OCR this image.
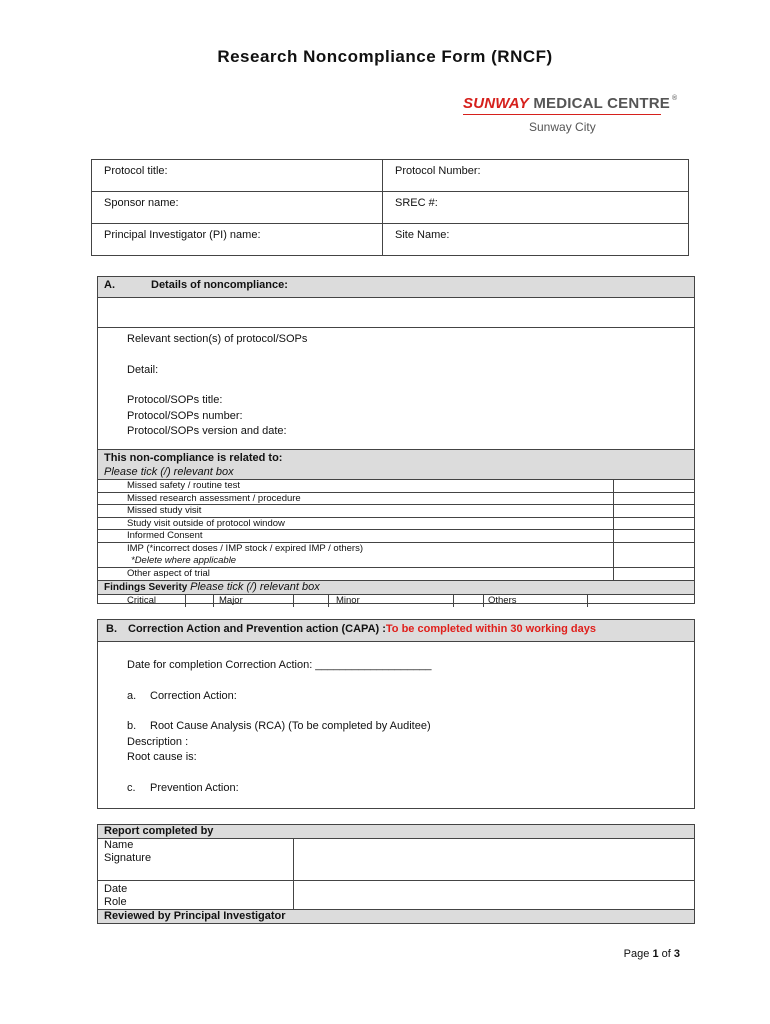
Research Noncompliance Form (RNCF)
SUNWAY MEDICAL CENTRE ®
Sunway City
Protocol title:	Protocol Number:
Sponsor name:	SREC #:
Principal Investigator (PI) name:	Site Name:
A.	Details of noncompliance:

Relevant section(s) of protocol/SOPs

Detail:

Protocol/SOPs title:

Protocol/SOPs number:

Protocol/SOPs version and date:

This non-compliance is related to:
Please tick (/) relevant box
Missed safety / routine test
Missed research assessment / procedure
Missed study visit
Study visit outside of protocol window
Informed Consent
IMP (*incorrect doses / IMP stock / expired IMP / others)
*Delete where applicable
Other aspect of trial
Findings Severity Please tick (/) relevant box
Critical	Major	Minor	Others
B. Correction Action and Prevention action (CAPA) :To be completed within 30 working days

Date for completion Correction Action: ___________________

a. Correction Action:

b. Root Cause Analysis (RCA) (To be completed by Auditee)

Description :

Root cause is:

c. Prevention Action:

Report completed by	
Name
Signature	
Date
Role	
Reviewed by Principal Investigator	
Page 1 of 3
